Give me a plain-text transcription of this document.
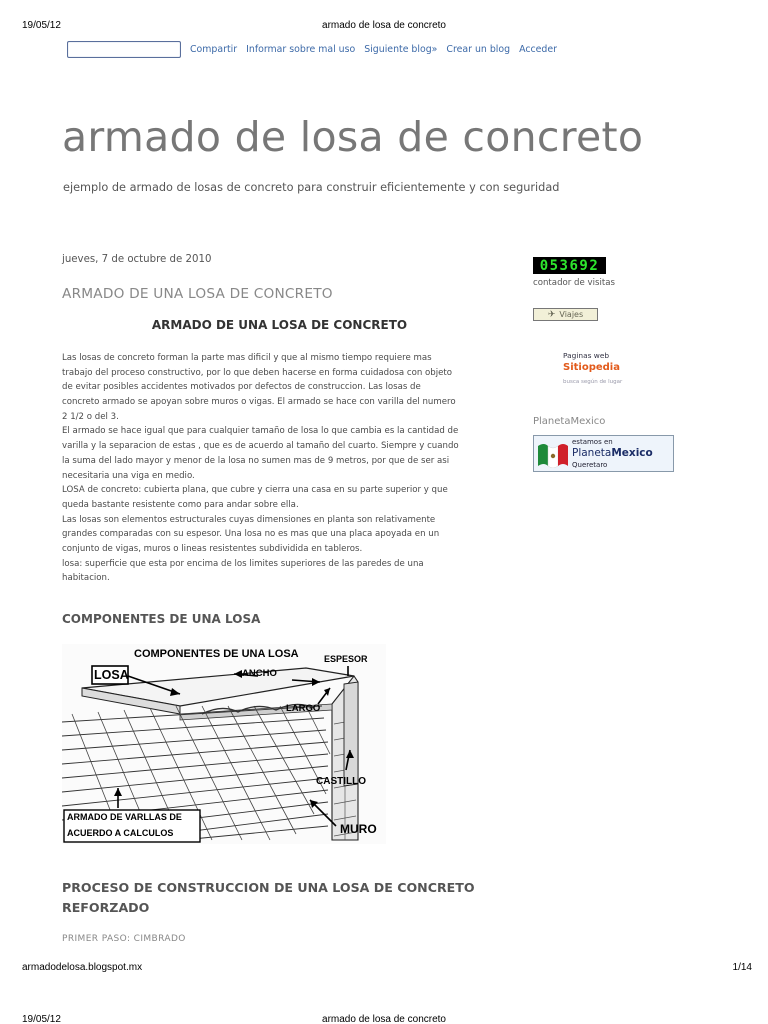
19/05/12	armado de losa de concreto
Compartir Informar sobre mal uso Siguiente blog» Crear un blog Acceder
armado de losa de concreto
ejemplo de armado de losas de concreto para construir eficientemente y con seguridad
jueves, 7 de octubre de 2010
ARMADO DE UNA LOSA DE CONCRETO
ARMADO DE UNA LOSA DE CONCRETO
Las losas de concreto forman la parte mas dificil y que al mismo tiempo requiere mas
trabajo del proceso constructivo, por lo que deben hacerse en forma cuidadosa con objeto
de evitar posibles accidentes motivados por defectos de construccion. Las losas de
concreto armado se apoyan sobre muros o vigas. El armado se hace con varilla del numero
2 1/2 o del 3.
El armado se hace igual que para cualquier tamaño de losa lo que cambia es la cantidad de
varilla y la separacion de estas , que es de acuerdo al tamaño del cuarto. Siempre y cuando
la suma del lado mayor y menor de la losa no sumen mas de 9 metros, por que de ser asi
necesitaria una viga en medio.
LOSA de concreto: cubierta plana, que cubre y cierra una casa en su parte superior y que
queda bastante resistente como para andar sobre ella.
Las losas son elementos estructurales cuyas dimensiones en planta son relativamente
grandes comparadas con su espesor. Una losa no es mas que una placa apoyada en un
conjunto de vigas, muros o lineas resistentes subdividida en tableros.
losa: superficie que esta por encima de los limites superiores de las paredes de una
habitacion.
COMPONENTES DE UNA LOSA
COMPONENTES DE UNA LOSA
LOSA	ANCHO
ESPESOR
LARGO
CASTILLO
ARMADO DE VARLLAS DE
ACUERDO A CALCULOS	MURO
PROCESO DE CONSTRUCCION DE UNA LOSA DE CONCRETO REFORZADO
PRIMER PASO: CIMBRADO
053692
contador de visitas
✈ Viajes
Paginas web
Sitiopedia
busca según de lugar
PlanetaMexico
estamos en
PlanetaMexico
Queretaro
armadodelosa.blogspot.mx	1/14
19/05/12	armado de losa de concreto
